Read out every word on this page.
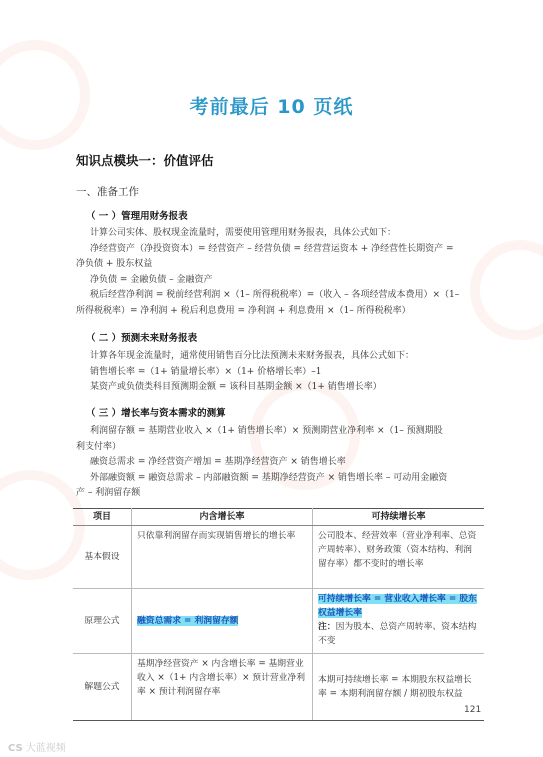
考前最后 10 页纸
知识点模块一：价值评估
一、准备工作
（ 一 ）管理用财务报表
计算公司实体、股权现金流量时，需要使用管理用财务报表，具体公式如下：
净经营资产（净投资资本）= 经营资产 – 经营负债 = 经营营运资本 + 净经营性长期资产 =
净负债 + 股东权益
净负债 = 金融负债 – 金融资产
税后经营净利润 = 税前经营利润 ×（1– 所得税税率）=（收入 – 各项经营成本费用）×（1–
所得税税率）= 净利润 + 税后利息费用 = 净利润 + 利息费用 ×（1– 所得税税率）
（ 二 ）预测未来财务报表
计算各年现金流量时，通常使用销售百分比法预测未来财务报表，具体公式如下：
销售增长率 =（1+ 销量增长率）×（1+ 价格增长率）–1
某资产或负债类科目预测期金额 = 该科目基期金额 ×（1+ 销售增长率）
（ 三 ）增长率与资本需求的测算
利润留存额 = 基期营业收入 ×（1+ 销售增长率）× 预测期营业净利率 ×（1– 预测期股
利支付率）
融资总需求 = 净经营资产增加 = 基期净经营资产 × 销售增长率
外部融资额 = 融资总需求 – 内部融资额 = 基期净经营资产 × 销售增长率 – 可动用金融资
产 – 利润留存额
项目	内含增长率	可持续增长率
基本假设	只依靠利润留存而实现销售增长的增长率	公司股本、经营效率（营业净利率、总资产周转率）、财务政策（资本结构、利润留存率）都不变时的增长率
原理公式	融资总需求 = 利润留存额	可持续增长率 = 营业收入增长率 = 股东权益增长率
注：因为股本、总资产周转率、资本结构不变

解题公式	基期净经营资产 × 内含增长率 = 基期营业收入 ×（1+ 内含增长率）× 预计营业净利率 × 预计利润留存率	本期可持续增长率 = 本期股东权益增长率 = 本期利润留存额 / 期初股东权益
121
CS 大蓝视频
